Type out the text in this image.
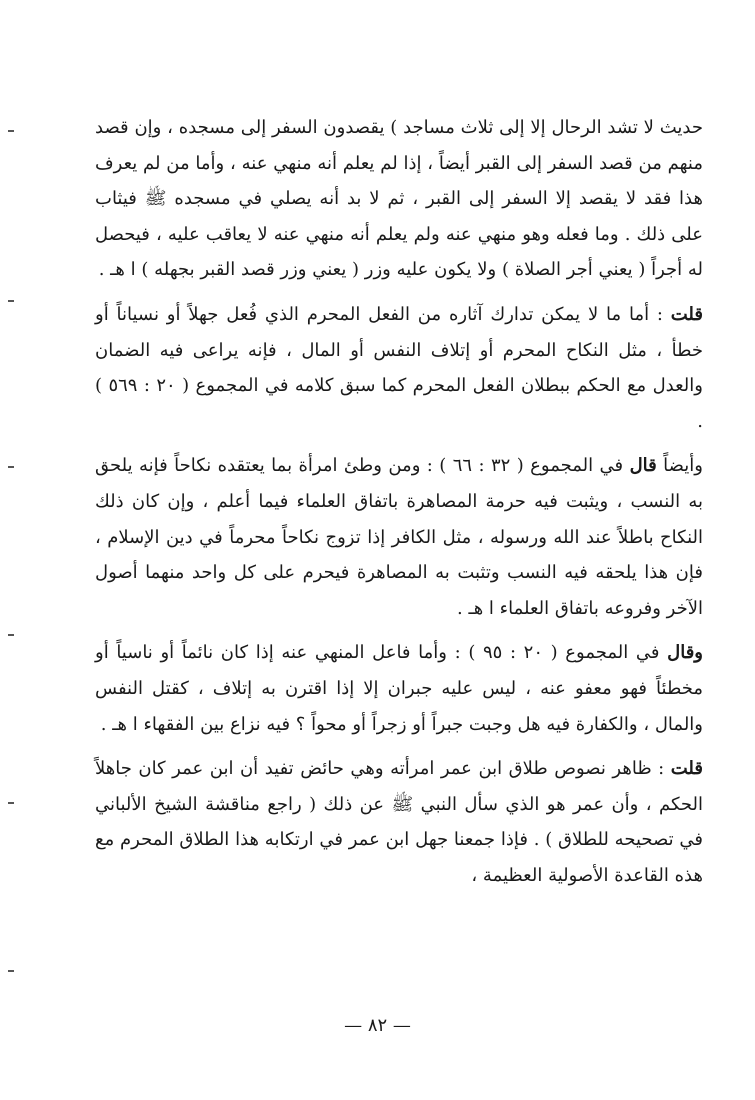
حديث لا تشد الرحال إلا إلى ثلاث مساجد ) يقصدون السفر إلى مسجده ، وإن قصد منهم من قصد السفر إلى القبر أيضاً ، إذا لم يعلم أنه منهي عنه ، وأما من لم يعرف هذا فقد لا يقصد إلا السفر إلى القبر ، ثم لا بد أنه يصلي في مسجده ﷺ فيثاب على ذلك . وما فعله وهو منهي عنه ولم يعلم أنه منهي عنه لا يعاقب عليه ، فيحصل له أجراً ( يعني أجر الصلاة ) ولا يكون عليه وزر ( يعني وزر قصد القبر بجهله ) ا هـ .

قلت : أما ما لا يمكن تدارك آثاره من الفعل المحرم الذي فُعل جهلاً أو نسياناً أو خطأ ، مثل النكاح المحرم أو إتلاف النفس أو المال ، فإنه يراعى فيه الضمان والعدل مع الحكم ببطلان الفعل المحرم كما سبق كلامه في المجموع ( ٢٠ : ٥٦٩ ) .

وأيضاً قال في المجموع ( ٣٢ : ٦٦ ) : ومن وطئ امرأة بما يعتقده نكاحاً فإنه يلحق به النسب ، ويثبت فيه حرمة المصاهرة باتفاق العلماء فيما أعلم ، وإن كان ذلك النكاح باطلاً عند الله ورسوله ، مثل الكافر إذا تزوج نكاحاً محرماً في دين الإسلام ، فإن هذا يلحقه فيه النسب وتثبت به المصاهرة فيحرم على كل واحد منهما أصول الآخر وفروعه باتفاق العلماء ا هـ .

وقال في المجموع ( ٢٠ : ٩٥ ) : وأما فاعل المنهي عنه إذا كان نائماً أو ناسياً أو مخطئاً فهو معفو عنه ، ليس عليه جبران إلا إذا اقترن به إتلاف ، كقتل النفس والمال ، والكفارة فيه هل وجبت جبراً أو زجراً أو محواً ؟ فيه نزاع بين الفقهاء ا هـ .

قلت : ظاهر نصوص طلاق ابن عمر امرأته وهي حائض تفيد أن ابن عمر كان جاهلاً الحكم ، وأن عمر هو الذي سأل النبي ﷺ عن ذلك ( راجع مناقشة الشيخ الألباني في تصحيحه للطلاق ) . فإذا جمعنا جهل ابن عمر في ارتكابه هذا الطلاق المحرم مع هذه القاعدة الأصولية العظيمة ،

— ٨٢ —
